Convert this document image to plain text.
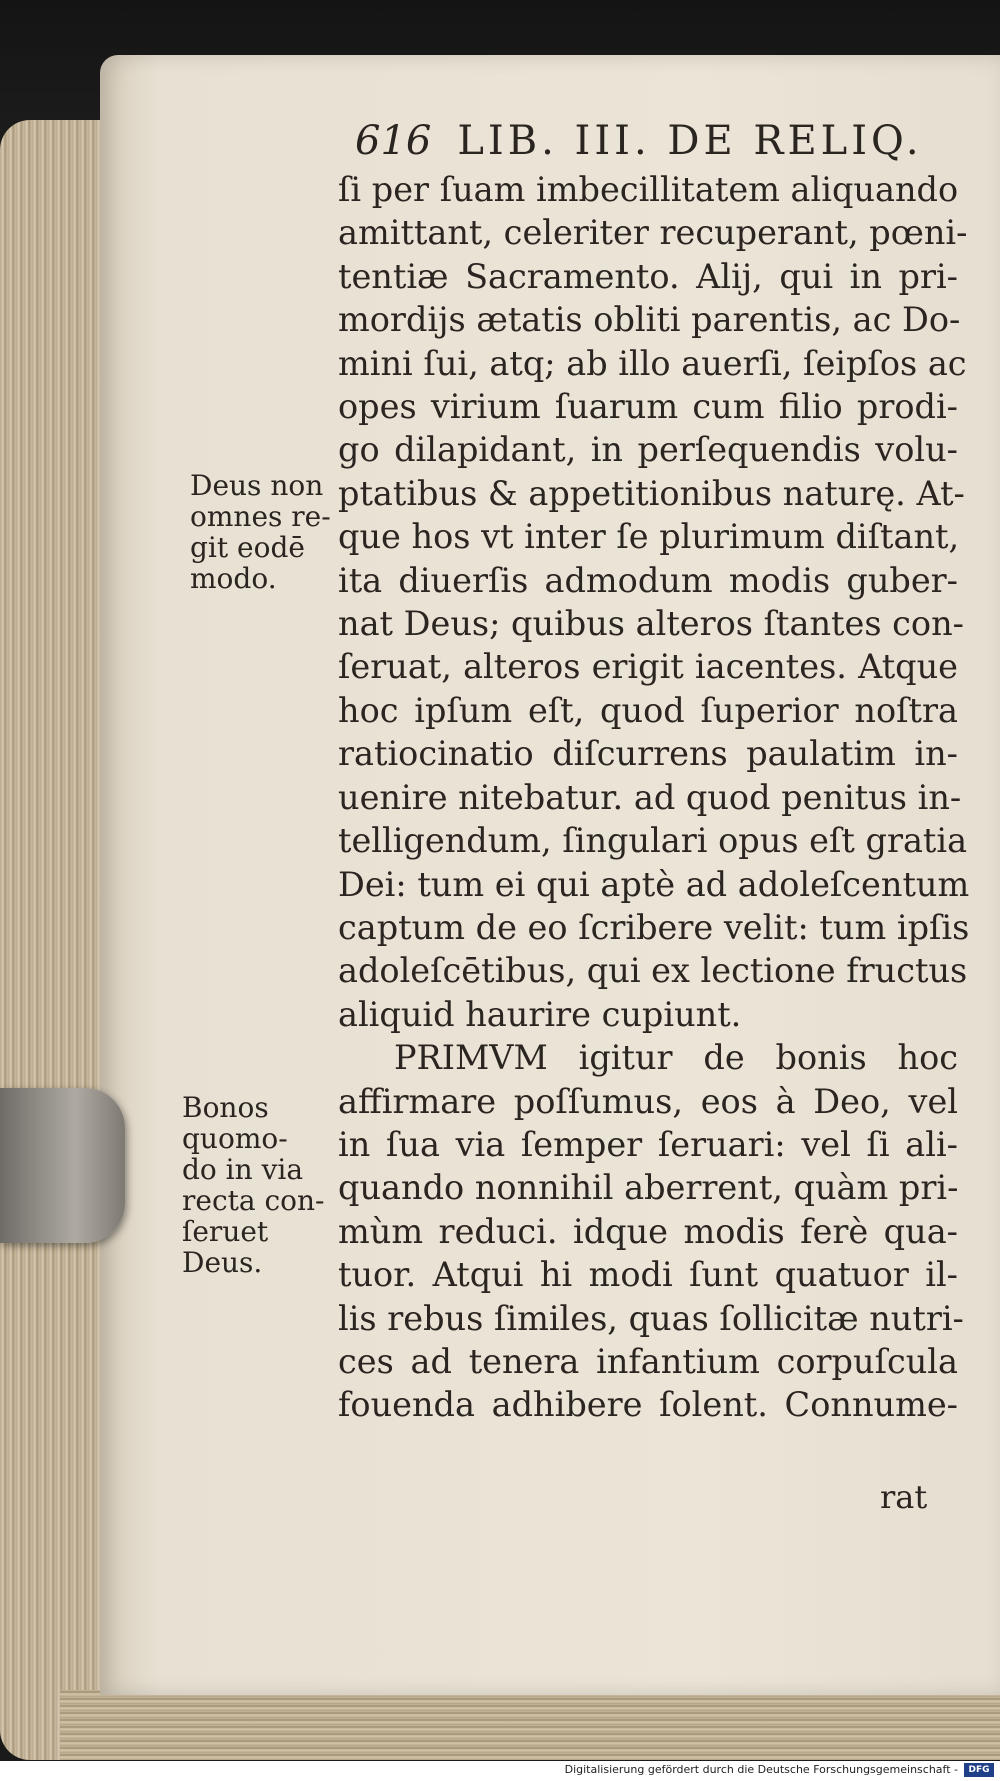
616 LIB. III. DE RELIQ.
ſi per ſuam imbecillitatem aliquando
amittant, celeriter recuperant, pœni-
tentiæ Sacramento. Alij, qui in pri-
mordijs ætatis obliti parentis, ac Do-
mini ſui, atq; ab illo auerſi, ſeipſos ac
opes virium ſuarum cum filio prodi-
go dilapidant, in perſequendis volu-
ptatibus & appetitionibus naturę. At-
que hos vt inter ſe plurimum diſtant,
ita diuerſis admodum modis guber-
nat Deus; quibus alteros ſtantes con-
ſeruat, alteros erigit iacentes. Atque
hoc ipſum eſt, quod ſuperior noſtra
ratiocinatio diſcurrens paulatim in-
uenire nitebatur. ad quod penitus in-
telligendum, ſingulari opus eſt gratia
Dei: tum ei qui aptè ad adoleſcentum
captum de eo ſcribere velit: tum ipſis
adoleſcētibus, qui ex lectione fructus
aliquid haurire cupiunt.
PRIMVM igitur de bonis hoc
affirmare poſſumus, eos à Deo, vel
in ſua via ſemper ſeruari: vel ſi ali-
quando nonnihil aberrent, quàm pri-
mùm reduci. idque modis ferè qua-
tuor. Atqui hi modi ſunt quatuor il-
lis rebus ſimiles, quas ſollicitæ nutri-
ces ad tenera infantium corpuſcula
fouenda adhibere ſolent. Connume-
rat
Deus non
omnes re-
git eodē
modo.
Bonos
quomo-
do in via
recta con-
ſeruet
Deus.
Digitalisierung gefördert durch die Deutsche Forschungsgemeinschaft -	DFG
